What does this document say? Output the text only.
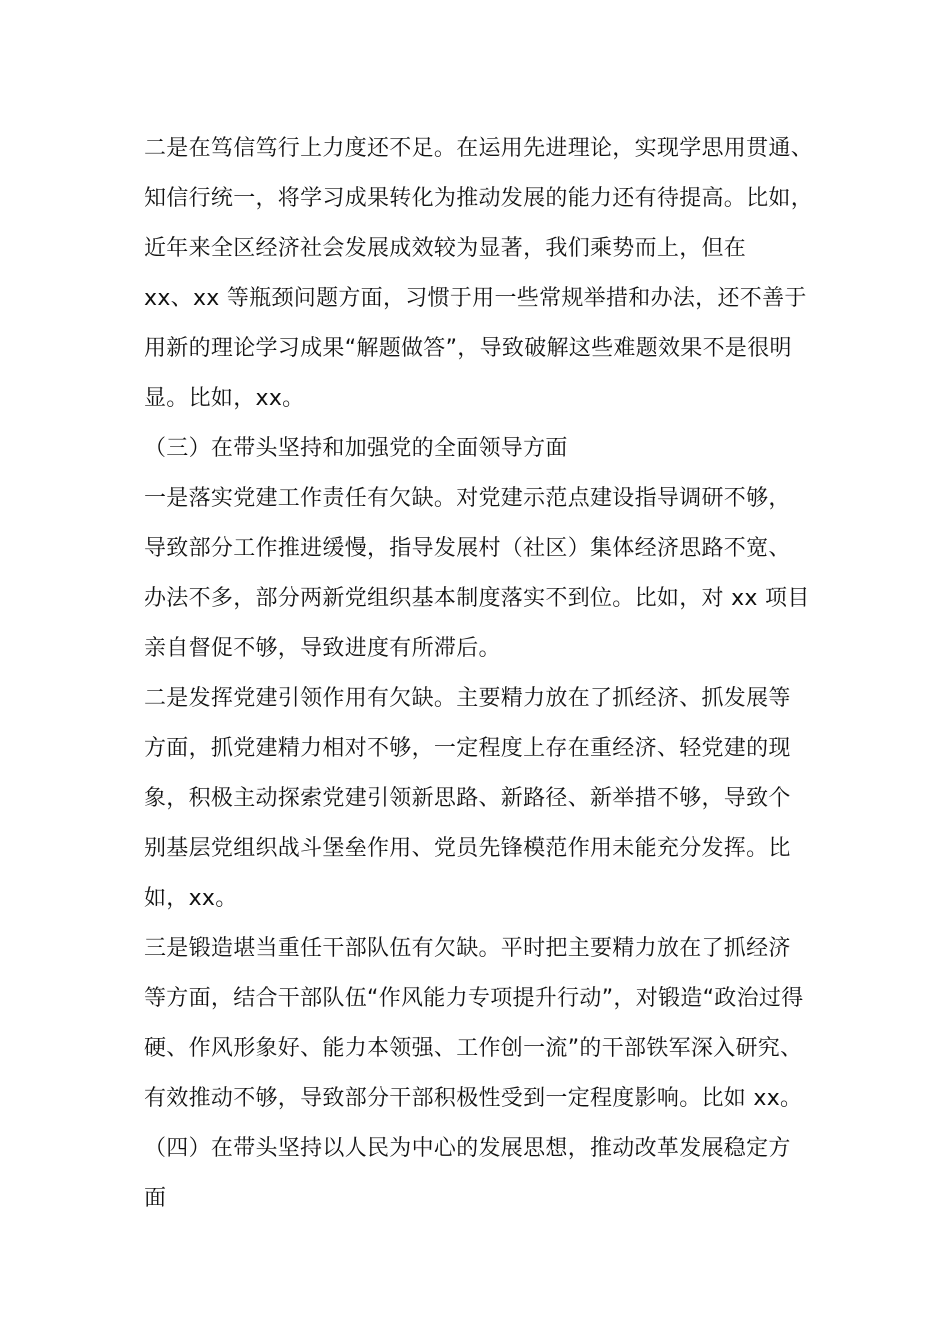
二是在笃信笃行上力度还不足。在运用先进理论，实现学思用贯通、
知信行统一，将学习成果转化为推动发展的能力还有待提高。比如，
近年来全区经济社会发展成效较为显著，我们乘势而上，但在
xx、xx 等瓶颈问题方面，习惯于用一些常规举措和办法，还不善于
用新的理论学习成果“解题做答”，导致破解这些难题效果不是很明
显。比如，xx。
（三）在带头坚持和加强党的全面领导方面
一是落实党建工作责任有欠缺。对党建示范点建设指导调研不够，
导致部分工作推进缓慢，指导发展村（社区）集体经济思路不宽、
办法不多，部分两新党组织基本制度落实不到位。比如，对 xx 项目
亲自督促不够，导致进度有所滞后。
二是发挥党建引领作用有欠缺。主要精力放在了抓经济、抓发展等
方面，抓党建精力相对不够，一定程度上存在重经济、轻党建的现
象，积极主动探索党建引领新思路、新路径、新举措不够，导致个
别基层党组织战斗堡垒作用、党员先锋模范作用未能充分发挥。比
如，xx。
三是锻造堪当重任干部队伍有欠缺。平时把主要精力放在了抓经济
等方面，结合干部队伍“作风能力专项提升行动”，对锻造“政治过得
硬、作风形象好、能力本领强、工作创一流”的干部铁军深入研究、
有效推动不够，导致部分干部积极性受到一定程度影响。比如 xx。
（四）在带头坚持以人民为中心的发展思想，推动改革发展稳定方
面
